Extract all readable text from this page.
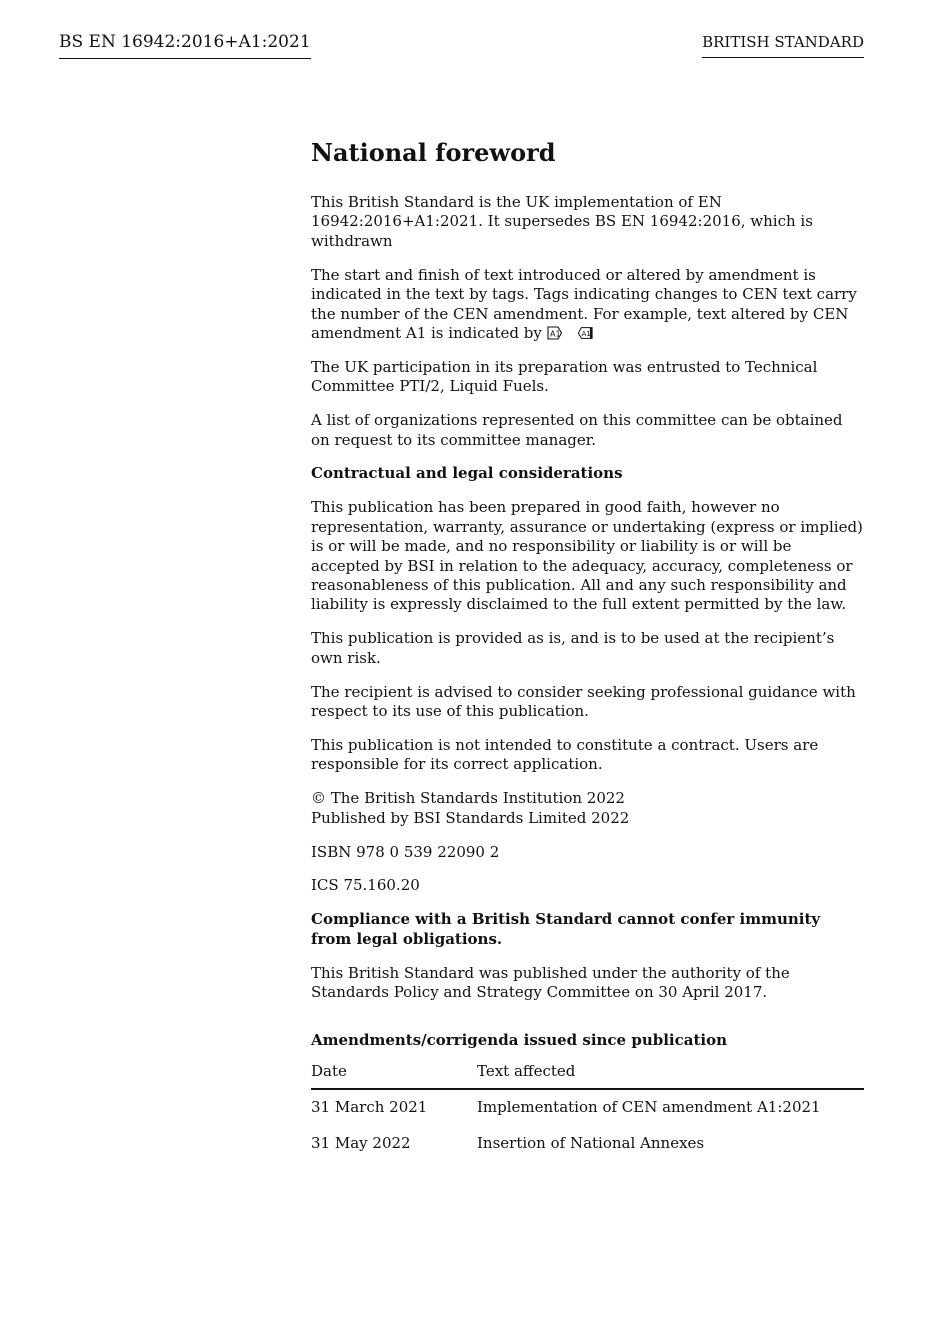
BS EN 16942:2016+A1:2021	BRITISH STANDARD
National foreword

This British Standard is the UK implementation of EN 16942:2016+A1:2021. It supersedes BS EN 16942:2016, which is withdrawn

The start and finish of text introduced or altered by amendment is indicated in the text by tags. Tags indicating changes to CEN text carry the number of the CEN amendment. For example, text altered by CEN amendment A1 is indicated by A1
	A1

The UK participation in its preparation was entrusted to Technical Committee PTI/2, Liquid Fuels.

A list of organizations represented on this committee can be obtained on request to its committee manager.

Contractual and legal considerations

This publication has been prepared in good faith, however no representation, warranty, assurance or undertaking (express or implied) is or will be made, and no responsibility or liability is or will be accepted by BSI in relation to the adequacy, accuracy, completeness or reasonableness of this publication. All and any such responsibility and liability is expressly disclaimed to the full extent permitted by the law.

This publication is provided as is, and is to be used at the recipient’s own risk.

The recipient is advised to consider seeking professional guidance with respect to its use of this publication.

This publication is not intended to constitute a contract. Users are responsible for its correct application.

© The British Standards Institution 2022
Published by BSI Standards Limited 2022

ISBN 978 0 539 22090 2

ICS 75.160.20

Compliance with a British Standard cannot confer immunity from legal obligations.

This British Standard was published under the authority of the Standards Policy and Strategy Committee on 30 April 2017.

Amendments/corrigenda issued since publication
Date	Text affected
31 March 2021	Implementation of CEN amendment A1:2021
31 May 2022	Insertion of National Annexes
